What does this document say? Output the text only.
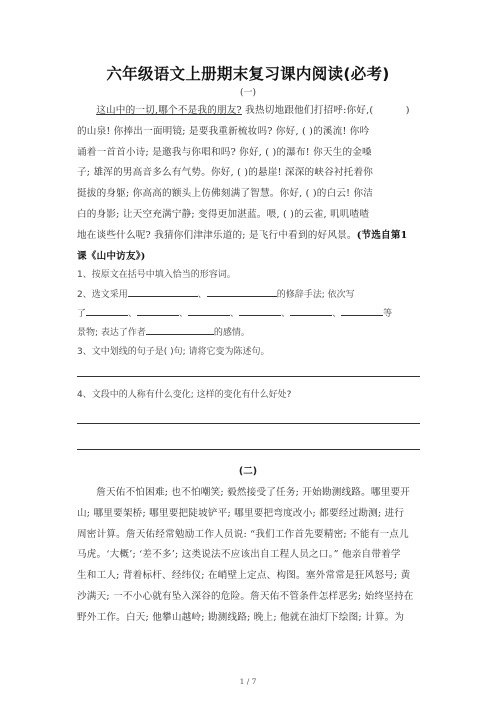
六年级语文上册期末复习课内阅读(必考)
(一)
这山中的一切,哪个不是我的朋友? 我热切地跟他们打招呼:你好,(          )
的山泉! 你捧出一面明镜; 是要我重新梳妆吗? 你好, ( )的溪流! 你吟
诵着一首首小诗; 是邀我与你唱和吗? 你好, ( )的瀑布! 你天生的金嗓
子; 雄浑的男高音多么有气势。你好, ( )的悬崖! 深深的峡谷衬托着你
挺拔的身躯; 你高高的额头上仿佛刻满了智慧。你好, ( )的白云! 你洁
白的身影; 让天空充满宁静; 变得更加湛蓝。喂, ( )的云雀, 叽叽喳喳
地在谈些什么呢? 我猜你们津津乐道的; 是飞行中看到的好风景。(节选自第1
课《山中访友》)
1、按原文在括号中填入恰当的形容词。
2、选文采用	、	的修辞手法; 依次写
了	、	、	、	、	、	等
景物; 表达了作者	的感情。
3、文中划线的句子是( )句; 请将它变为陈述句。
4、文段中的人称有什么变化; 这样的变化有什么好处?
(二)
詹天佑不怕困难; 也不怕嘲笑; 毅然接受了任务; 开始勘测线路。哪里要开
山; 哪里要架桥; 哪里要把陡坡铲平; 哪里要把弯度改小; 都要经过勘测; 进行
周密计算。詹天佑经常勉励工作人员说: “我们工作首先要精密; 不能有一点儿
马虎。‘大概’; ‘差不多’; 这类说法不应该出自工程人员之口。” 他亲自带着学
生和工人; 背着标杆、经纬仪; 在峭壁上定点、构图。塞外常常是狂风怒号; 黄
沙满天; 一不小心就有坠入深谷的危险。詹天佑不管条件怎样恶劣; 始终坚持在
野外工作。白天; 他攀山越岭; 勘测线路; 晚上; 他就在油灯下绘图; 计算。为
1 / 7
